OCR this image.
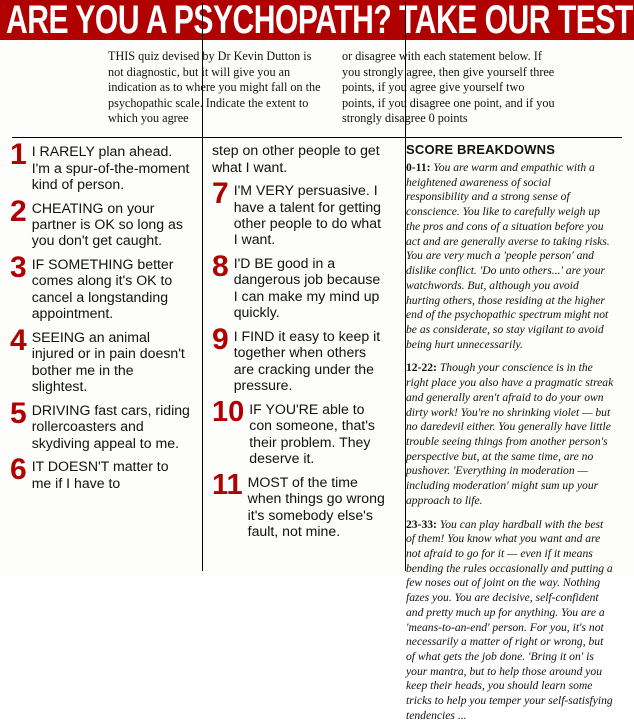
ARE YOU A PSYCHOPATH? TAKE OUR TEST
THIS quiz devised by Dr Kevin Dutton is not diagnostic, but it will give you an indication as to where you might fall on the psychopathic scale. Indicate the extent to which you agree
or disagree with each statement below. If you strongly agree, then give yourself three points, if you agree give yourself two points, if you disagree one point, and if you strongly disagree 0 points
1 I RARELY plan ahead. I'm a spur-of-the-moment kind of person.
2 CHEATING on your partner is OK so long as you don't get caught.
3 IF SOMETHING better comes along it's OK to cancel a longstanding appointment.
4 SEEING an animal injured or in pain doesn't bother me in the slightest.
5 DRIVING fast cars, riding rollercoasters and skydiving appeal to me.
6 IT DOESN'T matter to me if I have to
step on other people to get what I want.
7 I'M VERY persuasive. I have a talent for getting other people to do what I want.
8 I'D BE good in a dangerous job because I can make my mind up quickly.
9 I FIND it easy to keep it together when others are cracking under the pressure.
10 IF YOU'RE able to con someone, that's their problem. They deserve it.
11 MOST of the time when things go wrong it's somebody else's fault, not mine.
SCORE BREAKDOWNS
0-11: You are warm and empathic with a heightened awareness of social responsibility and a strong sense of conscience. You like to carefully weigh up the pros and cons of a situation before you act and are generally averse to taking risks. You are very much a 'people person' and dislike conflict. 'Do unto others...' are your watchwords. But, although you avoid hurting others, those residing at the higher end of the psychopathic spectrum might not be as considerate, so stay vigilant to avoid being hurt unnecessarily.
12-22: Though your conscience is in the right place you also have a pragmatic streak and generally aren't afraid to do your own dirty work! You're no shrinking violet — but no daredevil either. You generally have little trouble seeing things from another person's perspective but, at the same time, are no pushover. 'Everything in moderation — including moderation' might sum up your approach to life.
23-33: You can play hardball with the best of them! You know what you want and are not afraid to go for it — even if it means bending the rules occasionally and putting a few noses out of joint on the way. Nothing fazes you. You are decisive, self-confident and pretty much up for anything. You are a 'means-to-an-end' person. For you, it's not necessarily a matter of right or wrong, but of what gets the job done. 'Bring it on' is your mantra, but to help those around you keep their heads, you should learn some tricks to help you temper your self-satisfying tendencies ...
